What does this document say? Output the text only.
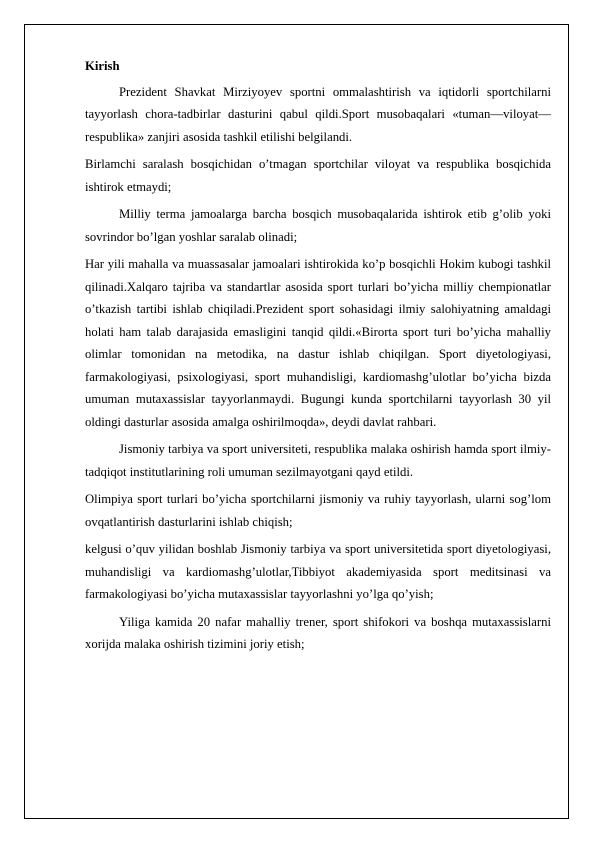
Kirish

Prezident Shavkat Mirziyoyev sportni ommalashtirish va iqtidorli sportchilarni tayyorlash chora-tadbirlar dasturini qabul qildi.Sport musobaqalari «tuman—viloyat—respublika» zanjiri asosida tashkil etilishi belgilandi.

Birlamchi saralash bosqichidan o’tmagan sportchilar viloyat va respublika bosqichida ishtirok etmaydi;

Milliy terma jamoalarga barcha bosqich musobaqalarida ishtirok etib g’olib yoki sovrindor bo’lgan yoshlar saralab olinadi;

Har yili mahalla va muassasalar jamoalari ishtirokida ko’p bosqichli Hokim kubogi tashkil qilinadi.Xalqaro tajriba va standartlar asosida sport turlari bo’yicha milliy chempionatlar o’tkazish tartibi ishlab chiqiladi.Prezident sport sohasidagi ilmiy salohiyatning amaldagi holati ham talab darajasida emasligini tanqid qildi.«Birorta sport turi bo’yicha mahalliy olimlar tomonidan na metodika, na dastur ishlab chiqilgan. Sport diyetologiyasi, farmakologiyasi, psixologiyasi, sport muhandisligi, kardiomashg’ulotlar bo’yicha bizda umuman mutaxassislar tayyorlanmaydi. Bugungi kunda sportchilarni tayyorlash 30 yil oldingi dasturlar asosida amalga oshirilmoqda», deydi davlat rahbari.

Jismoniy tarbiya va sport universiteti, respublika malaka oshirish hamda sport ilmiy-tadqiqot institutlarining roli umuman sezilmayotgani qayd etildi.

Olimpiya sport turlari bo’yicha sportchilarni jismoniy va ruhiy tayyorlash, ularni sog’lom ovqatlantirish dasturlarini ishlab chiqish;

kelgusi o’quv yilidan boshlab Jismoniy tarbiya va sport universitetida sport diyetologiyasi, muhandisligi va kardiomashg’ulotlar,Tibbiyot akademiyasida sport meditsinasi va farmakologiyasi bo’yicha mutaxassislar tayyorlashni yo’lga qo’yish;

Yiliga kamida 20 nafar mahalliy trener, sport shifokori va boshqa mutaxassislarni xorijda malaka oshirish tizimini joriy etish;
